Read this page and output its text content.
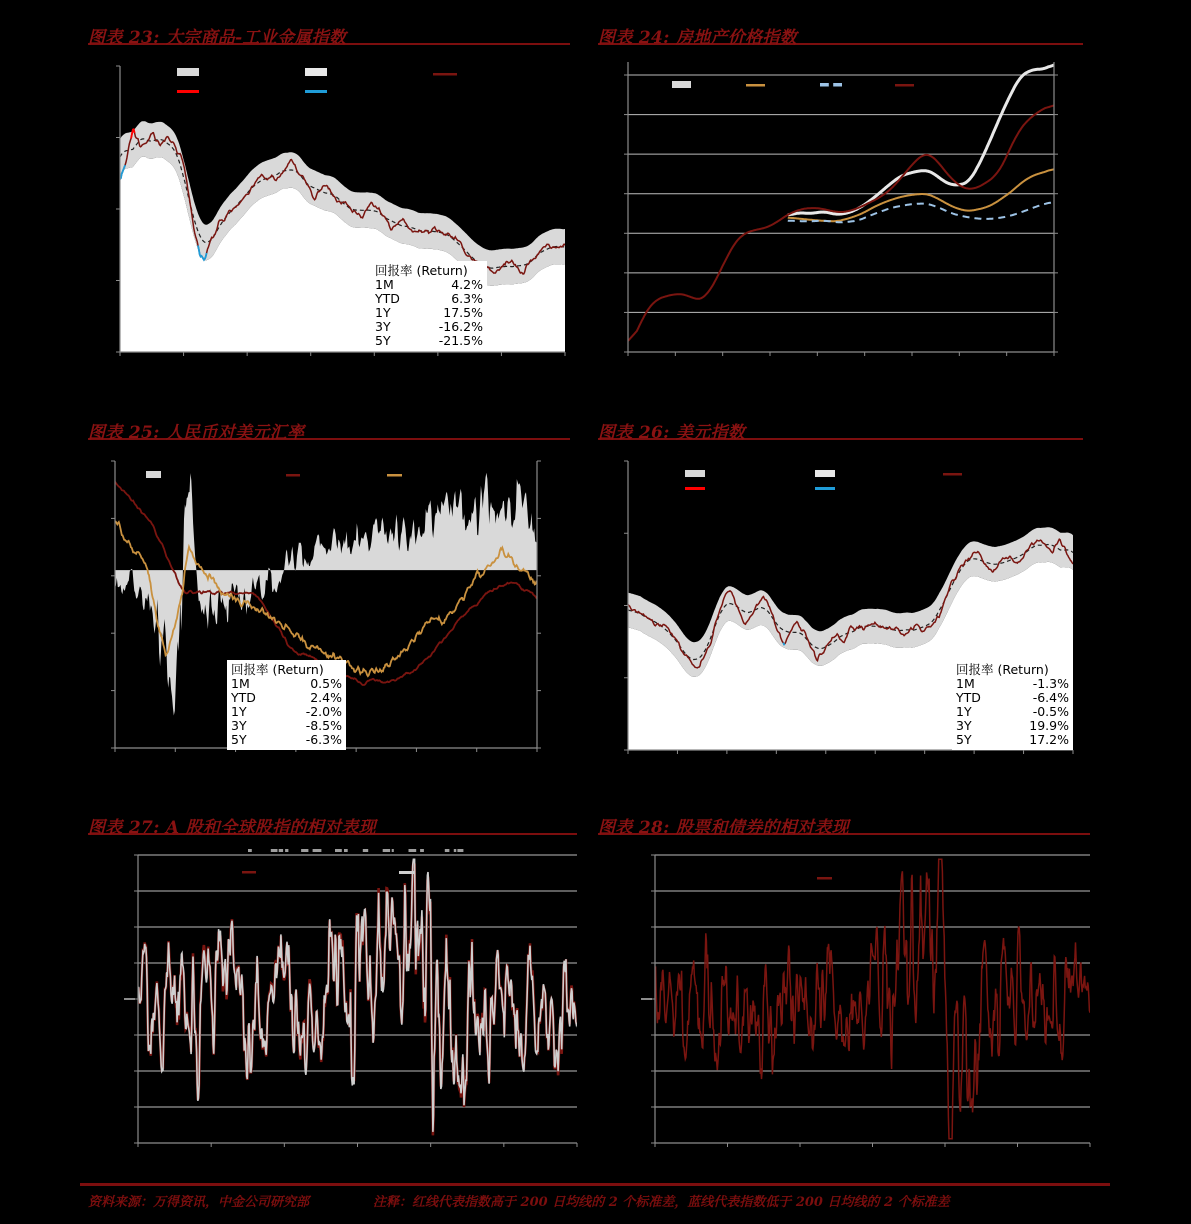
图表 23: 大宗商品-工业金属指数	图表 24: 房地产价格指数
图表 25: 人民币对美元汇率	图表 26: 美元指数
图表 27: A 股和全球股指的相对表现	图表 28: 股票和债券的相对表现
回报率 (Return)
1M	4.2%
YTD	6.3%
1Y	17.5%
3Y	-16.2%
5Y	-21.5%
回报率 (Return)
1M	0.5%
YTD	2.4%
1Y	-2.0%
3Y	-8.5%
5Y	-6.3%
回报率 (Return)
1M	-1.3%
YTD	-6.4%
1Y	-0.5%
3Y	19.9%
5Y	17.2%
资料来源：万得资讯，中金公司研究部	注释：红线代表指数高于 200 日均线的 2 个标准差，蓝线代表指数低于 200 日均线的 2 个标准差
